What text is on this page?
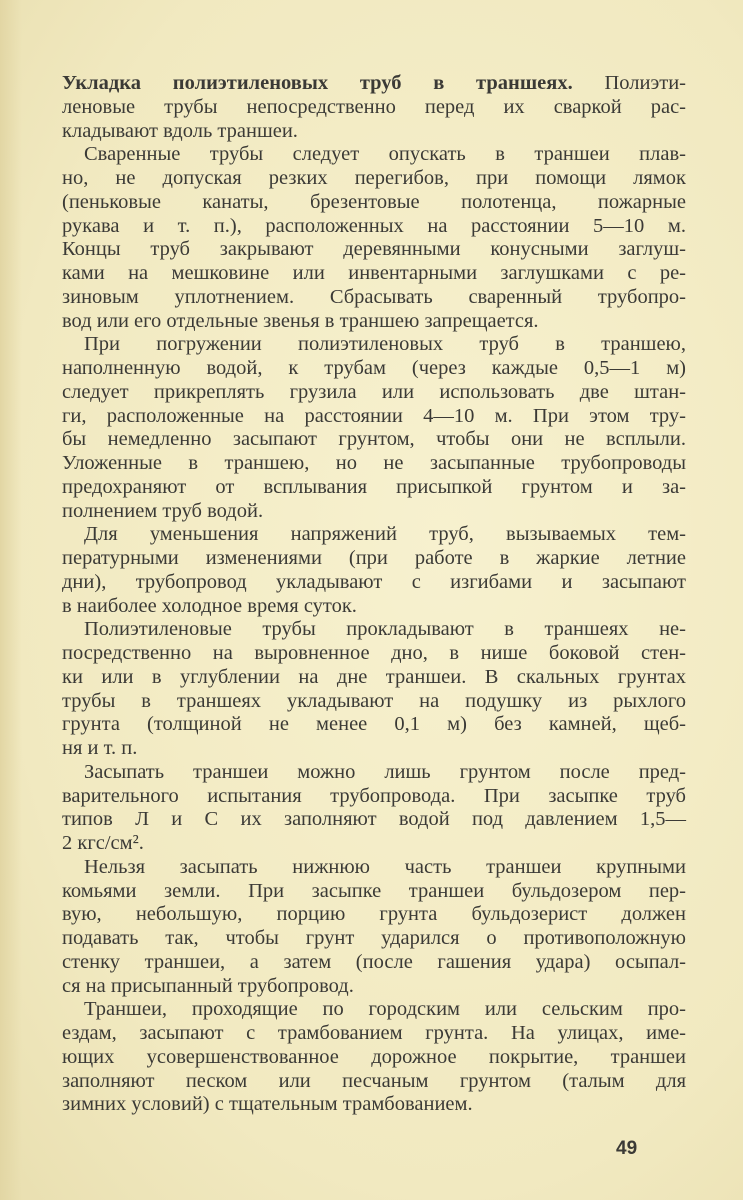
Укладка полиэтиленовых труб в траншеях. Полиэти-
леновые трубы непосредственно перед их сваркой рас-
кладывают вдоль траншеи.
Сваренные трубы следует опускать в траншеи плав-
но, не допуская резких перегибов, при помощи лямок
(пеньковые канаты, брезентовые полотенца, пожарные
рукава и т. п.), расположенных на расстоянии 5—10 м.
Концы труб закрывают деревянными конусными заглуш-
ками на мешковине или инвентарными заглушками с ре-
зиновым уплотнением. Сбрасывать сваренный трубопро-
вод или его отдельные звенья в траншею запрещается.
При погружении полиэтиленовых труб в траншею,
наполненную водой, к трубам (через каждые 0,5—1 м)
следует прикреплять грузила или использовать две штан-
ги, расположенные на расстоянии 4—10 м. При этом тру-
бы немедленно засыпают грунтом, чтобы они не всплыли.
Уложенные в траншею, но не засыпанные трубопроводы
предохраняют от всплывания присыпкой грунтом и за-
полнением труб водой.
Для уменьшения напряжений труб, вызываемых тем-
пературными изменениями (при работе в жаркие летние
дни), трубопровод укладывают с изгибами и засыпают
в наиболее холодное время суток.
Полиэтиленовые трубы прокладывают в траншеях не-
посредственно на выровненное дно, в нише боковой стен-
ки или в углублении на дне траншеи. В скальных грунтах
трубы в траншеях укладывают на подушку из рыхлого
грунта (толщиной не менее 0,1 м) без камней, щеб-
ня и т. п.
Засыпать траншеи можно лишь грунтом после пред-
варительного испытания трубопровода. При засыпке труб
типов Л и С их заполняют водой под давлением 1,5—
2 кгс/см².
Нельзя засыпать нижнюю часть траншеи крупными
комьями земли. При засыпке траншеи бульдозером пер-
вую, небольшую, порцию грунта бульдозерист должен
подавать так, чтобы грунт ударился о противоположную
стенку траншеи, а затем (после гашения удара) осыпал-
ся на присыпанный трубопровод.
Траншеи, проходящие по городским или сельским про-
ездам, засыпают с трамбованием грунта. На улицах, име-
ющих усовершенствованное дорожное покрытие, траншеи
заполняют песком или песчаным грунтом (талым для
зимних условий) с тщательным трамбованием.
49
